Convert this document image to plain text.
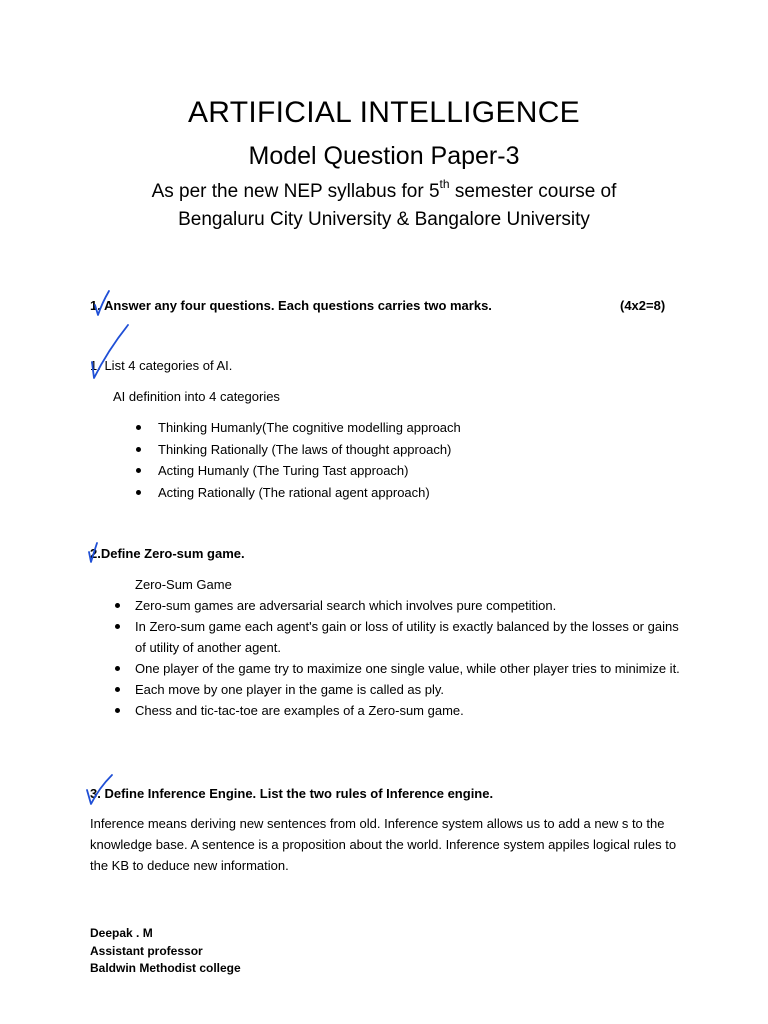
ARTIFICIAL INTELLIGENCE
Model Question Paper-3
As per the new NEP syllabus for 5th semester course of
Bengaluru City University & Bangalore University
1. Answer any four questions. Each questions carries two marks.	(4x2=8)
1. List 4 categories of AI.
AI definition into 4 categories
Thinking Humanly(The cognitive modelling approach
Thinking Rationally (The laws of thought approach)
Acting Humanly (The Turing Tast approach)
Acting Rationally (The rational agent approach)
2.Define Zero-sum game.
Zero-Sum Game
Zero-sum games are adversarial search which involves pure competition.
In Zero-sum game each agent's gain or loss of utility is exactly balanced by the losses or gains of utility of another agent.
One player of the game try to maximize one single value, while other player tries to minimize it.
Each move by one player in the game is called as ply.
Chess and tic-tac-toe are examples of a Zero-sum game.
3. Define Inference Engine. List the two rules of Inference engine.
Inference means deriving new sentences from old. Inference system allows us to add a new s to the knowledge base. A sentence is a proposition about the world. Inference system appiles logical rules to the KB to deduce new information.
Deepak . M
Assistant professor
Baldwin Methodist college
